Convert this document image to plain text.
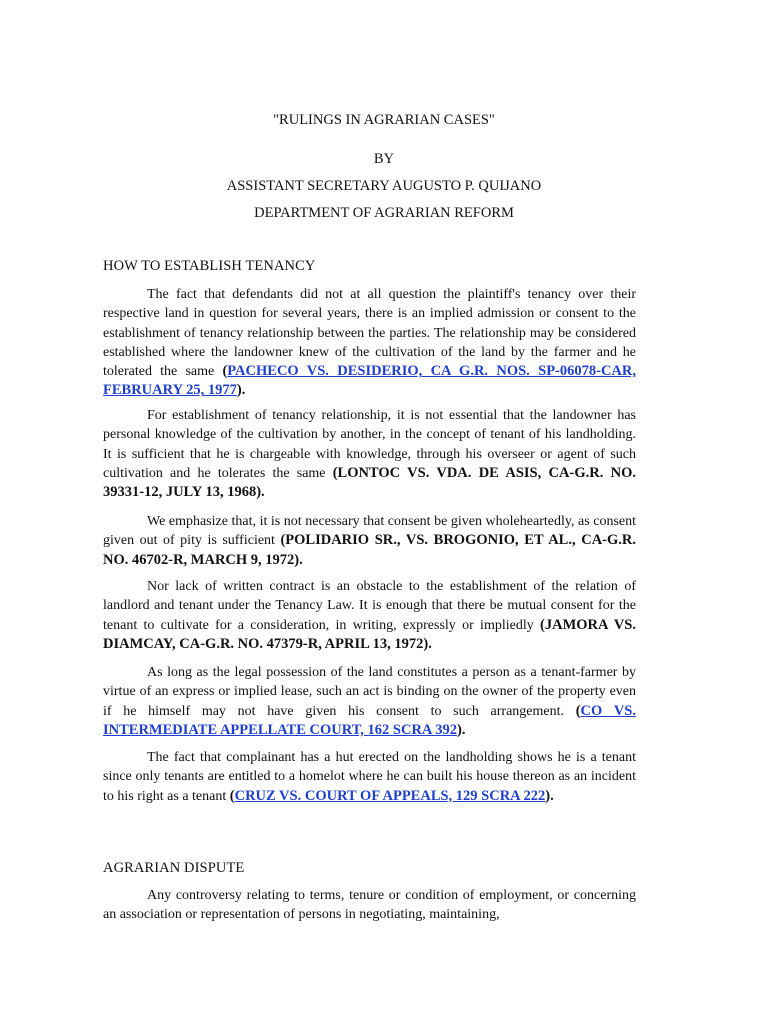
"RULINGS IN AGRARIAN CASES"
BY
ASSISTANT SECRETARY AUGUSTO P. QUIJANO
DEPARTMENT OF AGRARIAN REFORM
HOW TO ESTABLISH TENANCY

The fact that defendants did not at all question the plaintiff's tenancy over their respective land in question for several years, there is an implied admission or consent to the establishment of tenancy relationship between the parties. The relationship may be considered established where the landowner knew of the cultivation of the land by the farmer and he tolerated the same (PACHECO VS. DESIDERIO, CA G.R. NOS. SP-06078-CAR, FEBRUARY 25, 1977).

For establishment of tenancy relationship, it is not essential that the landowner has personal knowledge of the cultivation by another, in the concept of tenant of his landholding. It is sufficient that he is chargeable with knowledge, through his overseer or agent of such cultivation and he tolerates the same (LONTOC VS. VDA. DE ASIS, CA-G.R. NO. 39331-12, JULY 13, 1968).

We emphasize that, it is not necessary that consent be given wholeheartedly, as consent given out of pity is sufficient (POLIDARIO SR., VS. BROGONIO, ET AL., CA-G.R. NO. 46702-R, MARCH 9, 1972).

Nor lack of written contract is an obstacle to the establishment of the relation of landlord and tenant under the Tenancy Law. It is enough that there be mutual consent for the tenant to cultivate for a consideration, in writing, expressly or impliedly (JAMORA VS. DIAMCAY, CA-G.R. NO. 47379-R, APRIL 13, 1972).

As long as the legal possession of the land constitutes a person as a tenant-farmer by virtue of an express or implied lease, such an act is binding on the owner of the property even if he himself may not have given his consent to such arrangement. (CO VS. INTERMEDIATE APPELLATE COURT, 162 SCRA 392).

The fact that complainant has a hut erected on the landholding shows he is a tenant since only tenants are entitled to a homelot where he can built his house thereon as an incident to his right as a tenant (CRUZ VS. COURT OF APPEALS, 129 SCRA 222).

AGRARIAN DISPUTE

Any controversy relating to terms, tenure or condition of employment, or concerning an association or representation of persons in negotiating, maintaining,
